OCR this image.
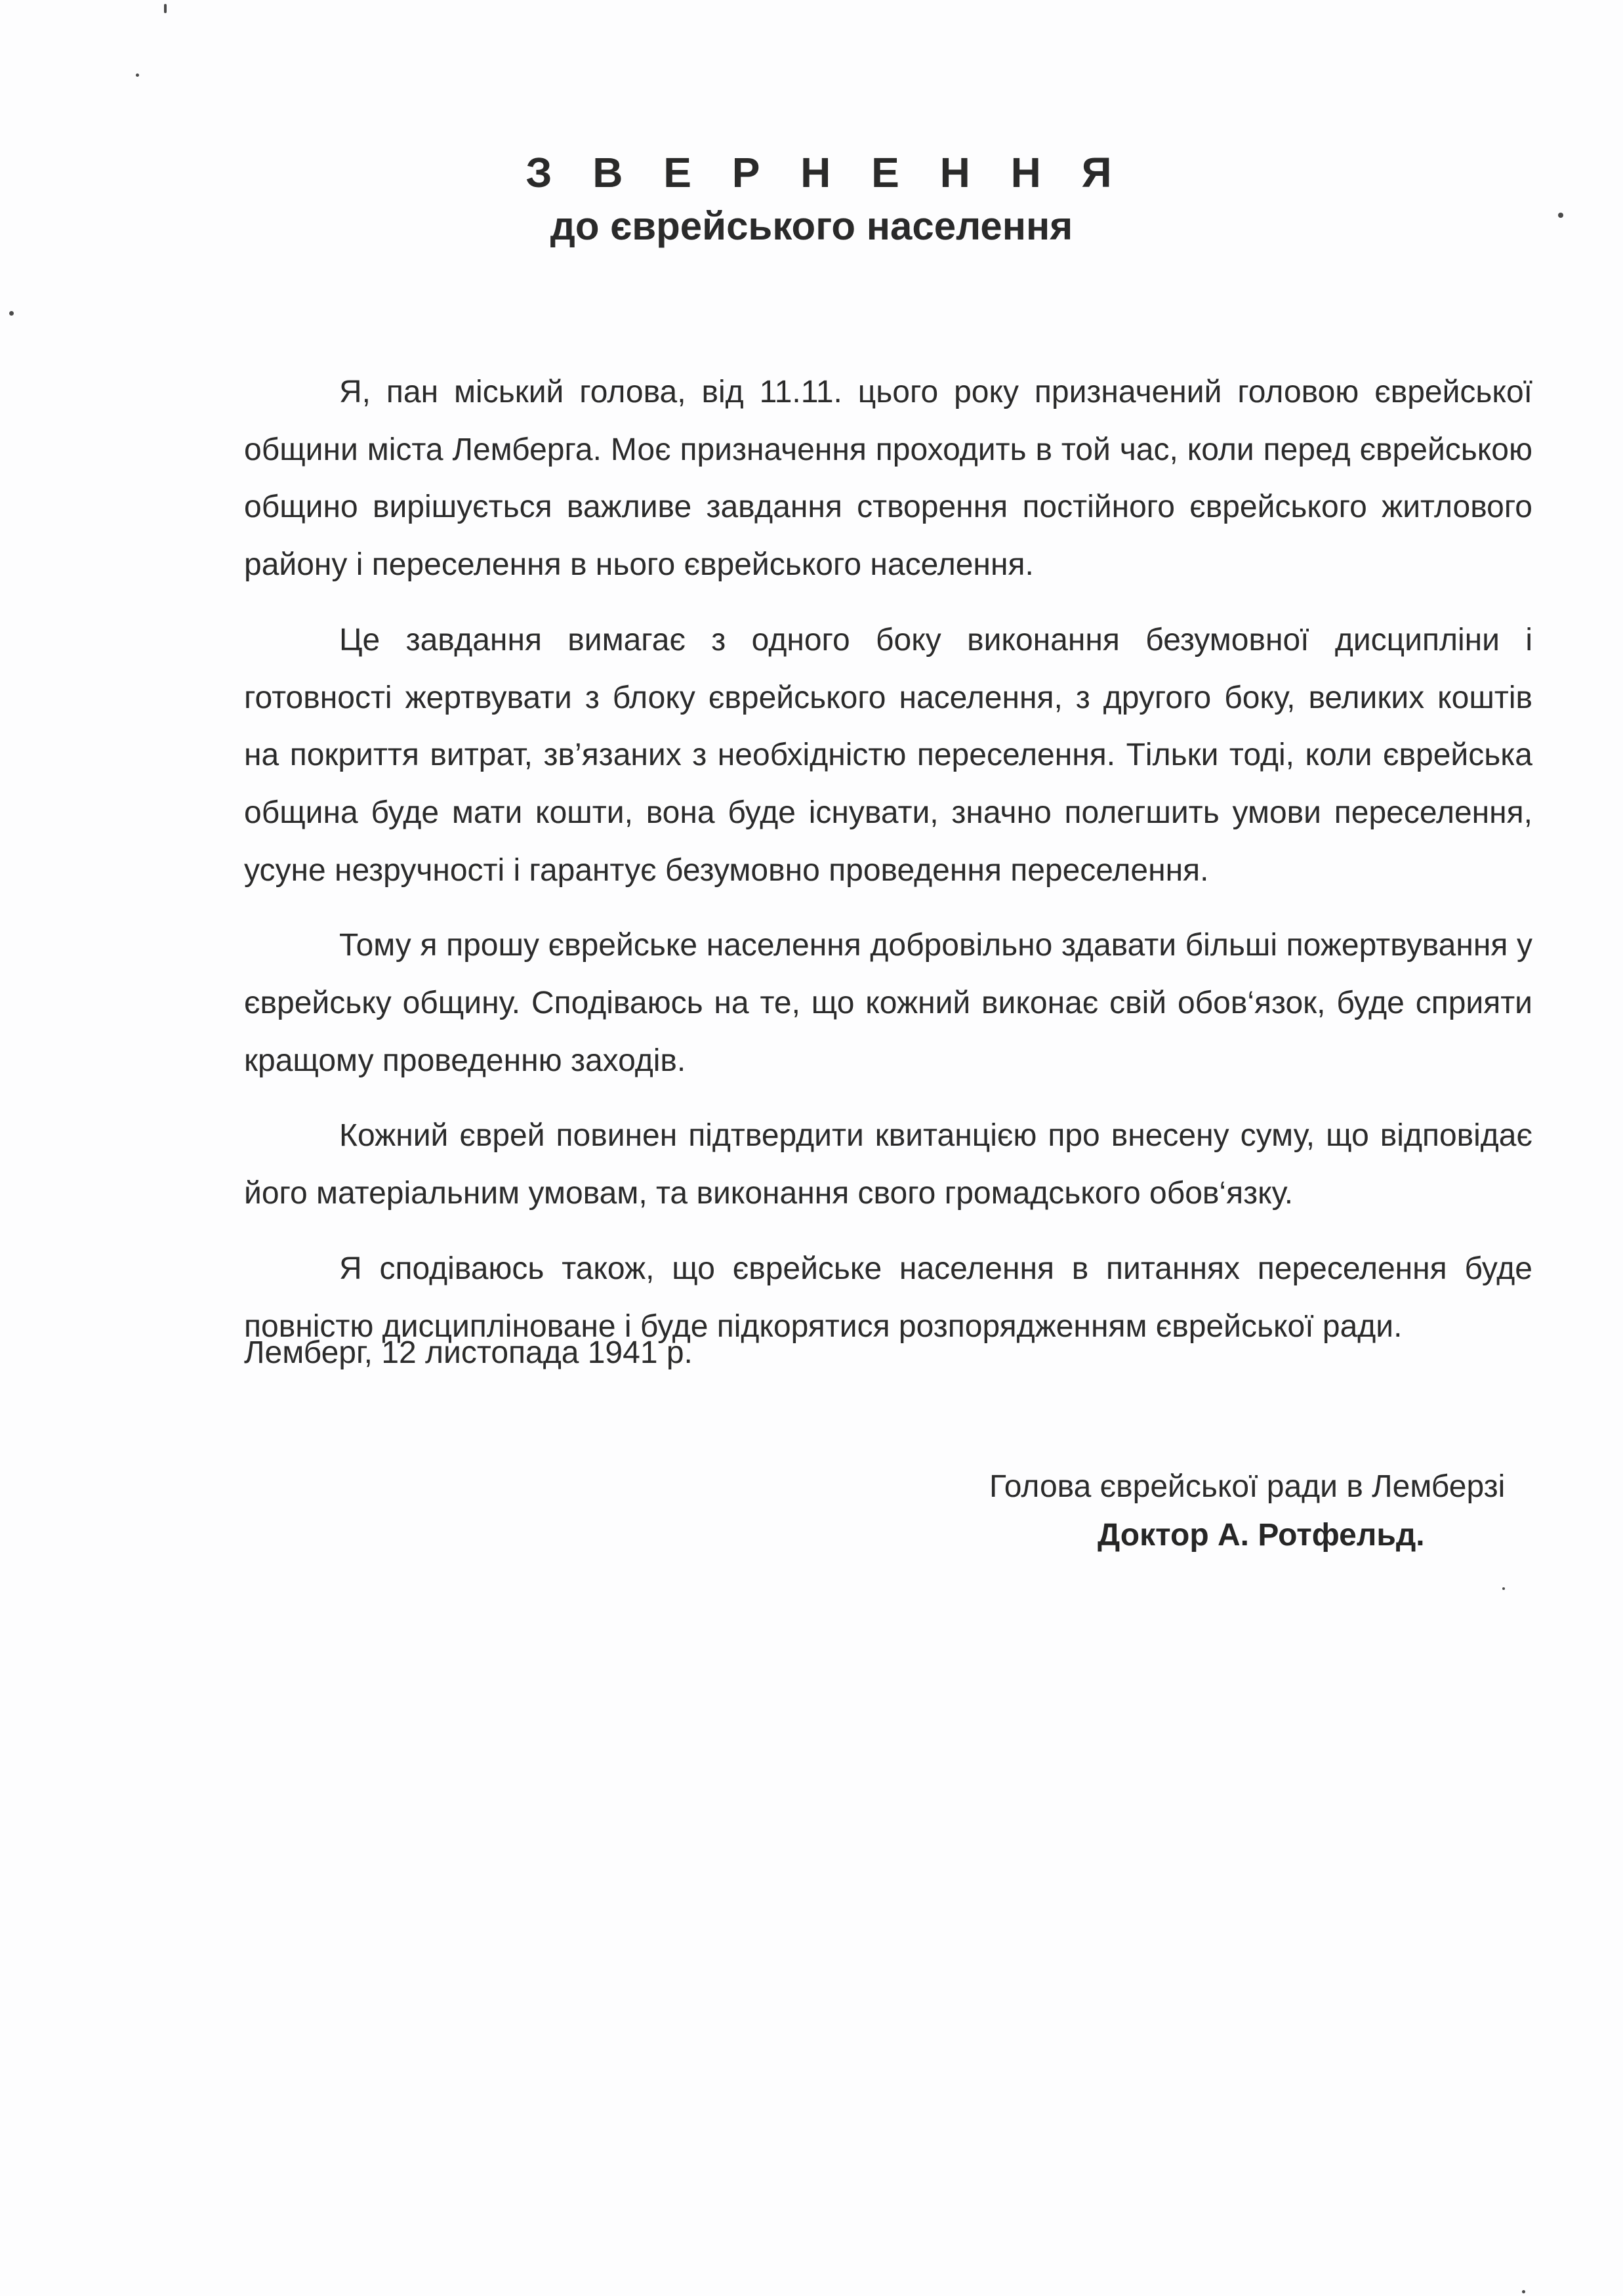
З В Е Р Н Е Н Н Я
до єврейського населення

Я, пан міський голова, від 11.11. цього року призначений головою єврейської общини міста Лемберга. Моє призначення проходить в той час, коли перед єврейською общино вирішується важливе завдання створення постійного єврейського житлового району і переселення в нього єврейського населення.

Це завдання вимагає з одного боку виконання безумовної дисципліни і готовності жертвувати з блоку єврейського населення, з другого боку, великих коштів на покриття витрат, зв’язаних з необхідністю переселення. Тільки тоді, коли єврейська община буде мати кошти, вона буде існувати, значно полегшить умови переселення, усуне незручності і гарантує безумовно проведення переселення.

Тому я прошу єврейське населення добровільно здавати більші пожертвування у єврейську общину. Сподіваюсь на те, що кожний виконає свій обов‘язок, буде сприяти кращому проведенню заходів.

Кожний єврей повинен підтвердити квитанцією про внесену суму, що відповідає його матеріальним умовам, та виконання свого громадського обов‘язку.

Я сподіваюсь також, що єврейське населення в питаннях переселення буде повністю дисципліноване і буде підкорятися розпорядженням єврейської ради.

Лемберг, 12 листопада 1941 р.
Голова єврейської ради в Лемберзі
Доктор А. Ротфельд.
